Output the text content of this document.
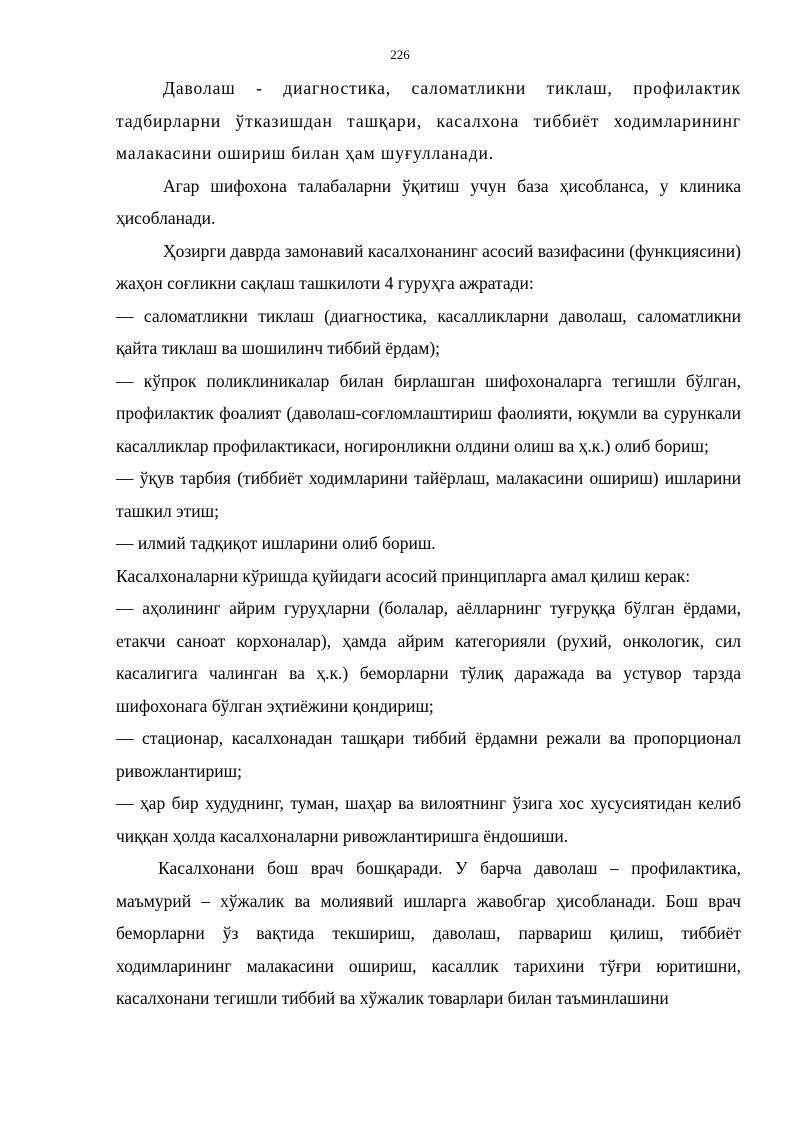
226

Даволаш - диагностика, саломатликни тиклаш, профилактик тадбирларни ўтказишдан ташқари, касалхона тиббиёт ходимларининг малакасини ошириш билан ҳам шуғулланади.

Агар шифохона талабаларни ўқитиш учун база ҳисобланса, у клиника ҳисобланади.

Ҳозирги даврда замонавий касалхонанинг асосий вазифасини (функциясини) жаҳон соғликни сақлаш ташкилоти 4 гуруҳга ажратади:

— саломатликни тиклаш (диагностика, касалликларни даволаш, саломатликни қайта тиклаш ва шошилинч тиббий ёрдам);

— кўпрок поликлиникалар билан бирлашган шифохоналарга тегишли бўлган, профилактик фоалият (даволаш-соғломлаштириш фаолияти, юқумли ва сурункали касалликлар профилактикаси, ногиронликни олдини олиш ва ҳ.к.) олиб бориш;

— ўқув тарбия (тиббиёт ходимларини тайёрлаш, малакасини ошириш) ишларини ташкил этиш;

— илмий тадқиқот ишларини олиб бориш.

Касалхоналарни кўришда қуйидаги асосий принципларга амал қилиш керак:

— аҳолининг айрим гуруҳларни (болалар, аёлларнинг туғруққа бўлган ёрдами, етакчи саноат корхоналар), ҳамда айрим категорияли (рухий, онкологик, сил касалигига чалинган ва ҳ.к.) беморларни тўлиқ даражада ва устувор тарзда шифохонага бўлган эҳтиёжини қондириш;

— стационар, касалхонадан ташқари тиббий ёрдамни режали ва пропорционал ривожлантириш;

— ҳар бир худуднинг, туман, шаҳар ва вилоятнинг ўзига хос хусусиятидан келиб чиққан ҳолда касалхоналарни ривожлантиришга ёндошиши.

Касалхонани бош врач бошқаради. У барча даволаш – профилактика, маъмурий – хўжалик ва молиявий ишларга жавобгар ҳисобланади. Бош врач беморларни ўз вақтида текшириш, даволаш, парвариш қилиш, тиббиёт ходимларининг малакасини ошириш, касаллик тарихини тўғри юритишни, касалхонани тегишли тиббий ва хўжалик товарлари билан таъминлашини
